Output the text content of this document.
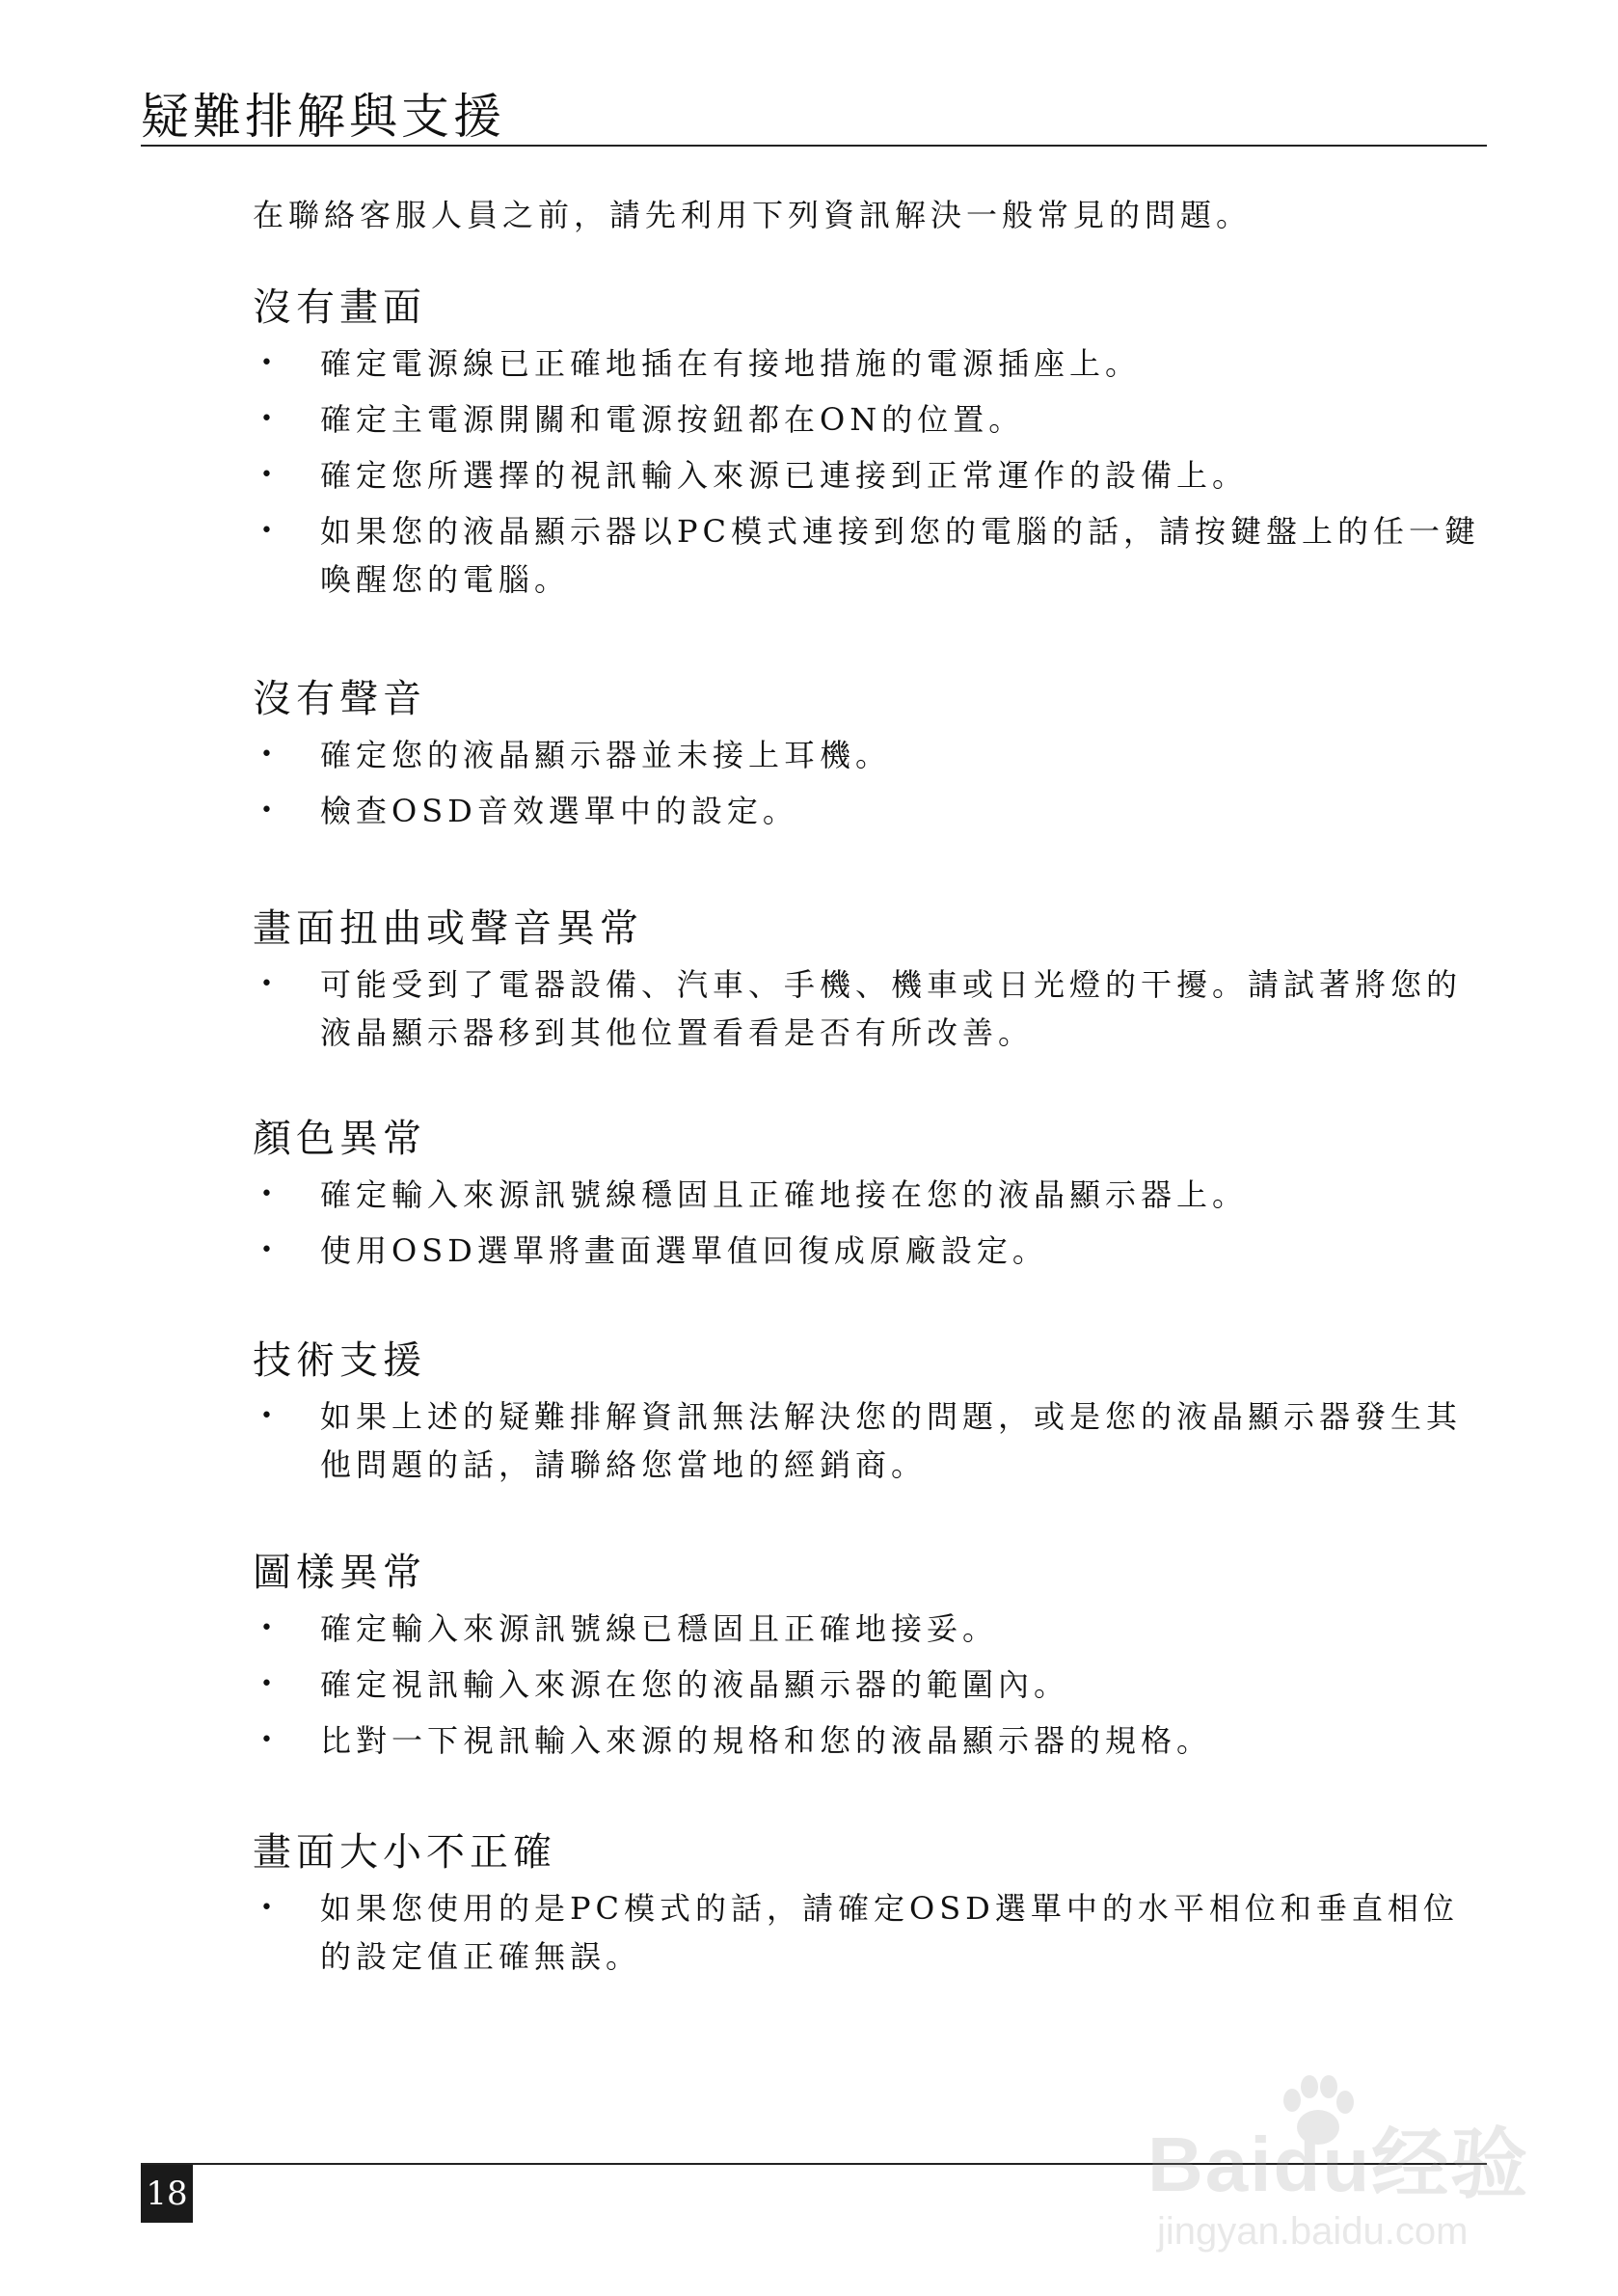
疑難排解與支援
在聯絡客服人員之前，請先利用下列資訊解決一般常見的問題。
沒有畫面
• 確定電源線已正確地插在有接地措施的電源插座上。
• 確定主電源開關和電源按鈕都在ON的位置。
• 確定您所選擇的視訊輸入來源已連接到正常運作的設備上。
• 如果您的液晶顯示器以PC模式連接到您的電腦的話，請按鍵盤上的任一鍵喚醒您的電腦。
沒有聲音
• 確定您的液晶顯示器並未接上耳機。
• 檢查OSD音效選單中的設定。
畫面扭曲或聲音異常
• 可能受到了電器設備、汽車、手機、機車或日光燈的干擾。請試著將您的液晶顯示器移到其他位置看看是否有所改善。
顏色異常
• 確定輸入來源訊號線穩固且正確地接在您的液晶顯示器上。
• 使用OSD選單將畫面選單值回復成原廠設定。
技術支援
• 如果上述的疑難排解資訊無法解決您的問題，或是您的液晶顯示器發生其他問題的話，請聯絡您當地的經銷商。
圖樣異常
• 確定輸入來源訊號線已穩固且正確地接妥。
• 確定視訊輸入來源在您的液晶顯示器的範圍內。
• 比對一下視訊輸入來源的規格和您的液晶顯示器的規格。
畫面大小不正確
• 如果您使用的是PC模式的話，請確定OSD選單中的水平相位和垂直相位的設定值正確無誤。
18	Baidu经验
jingyan.baidu.com
